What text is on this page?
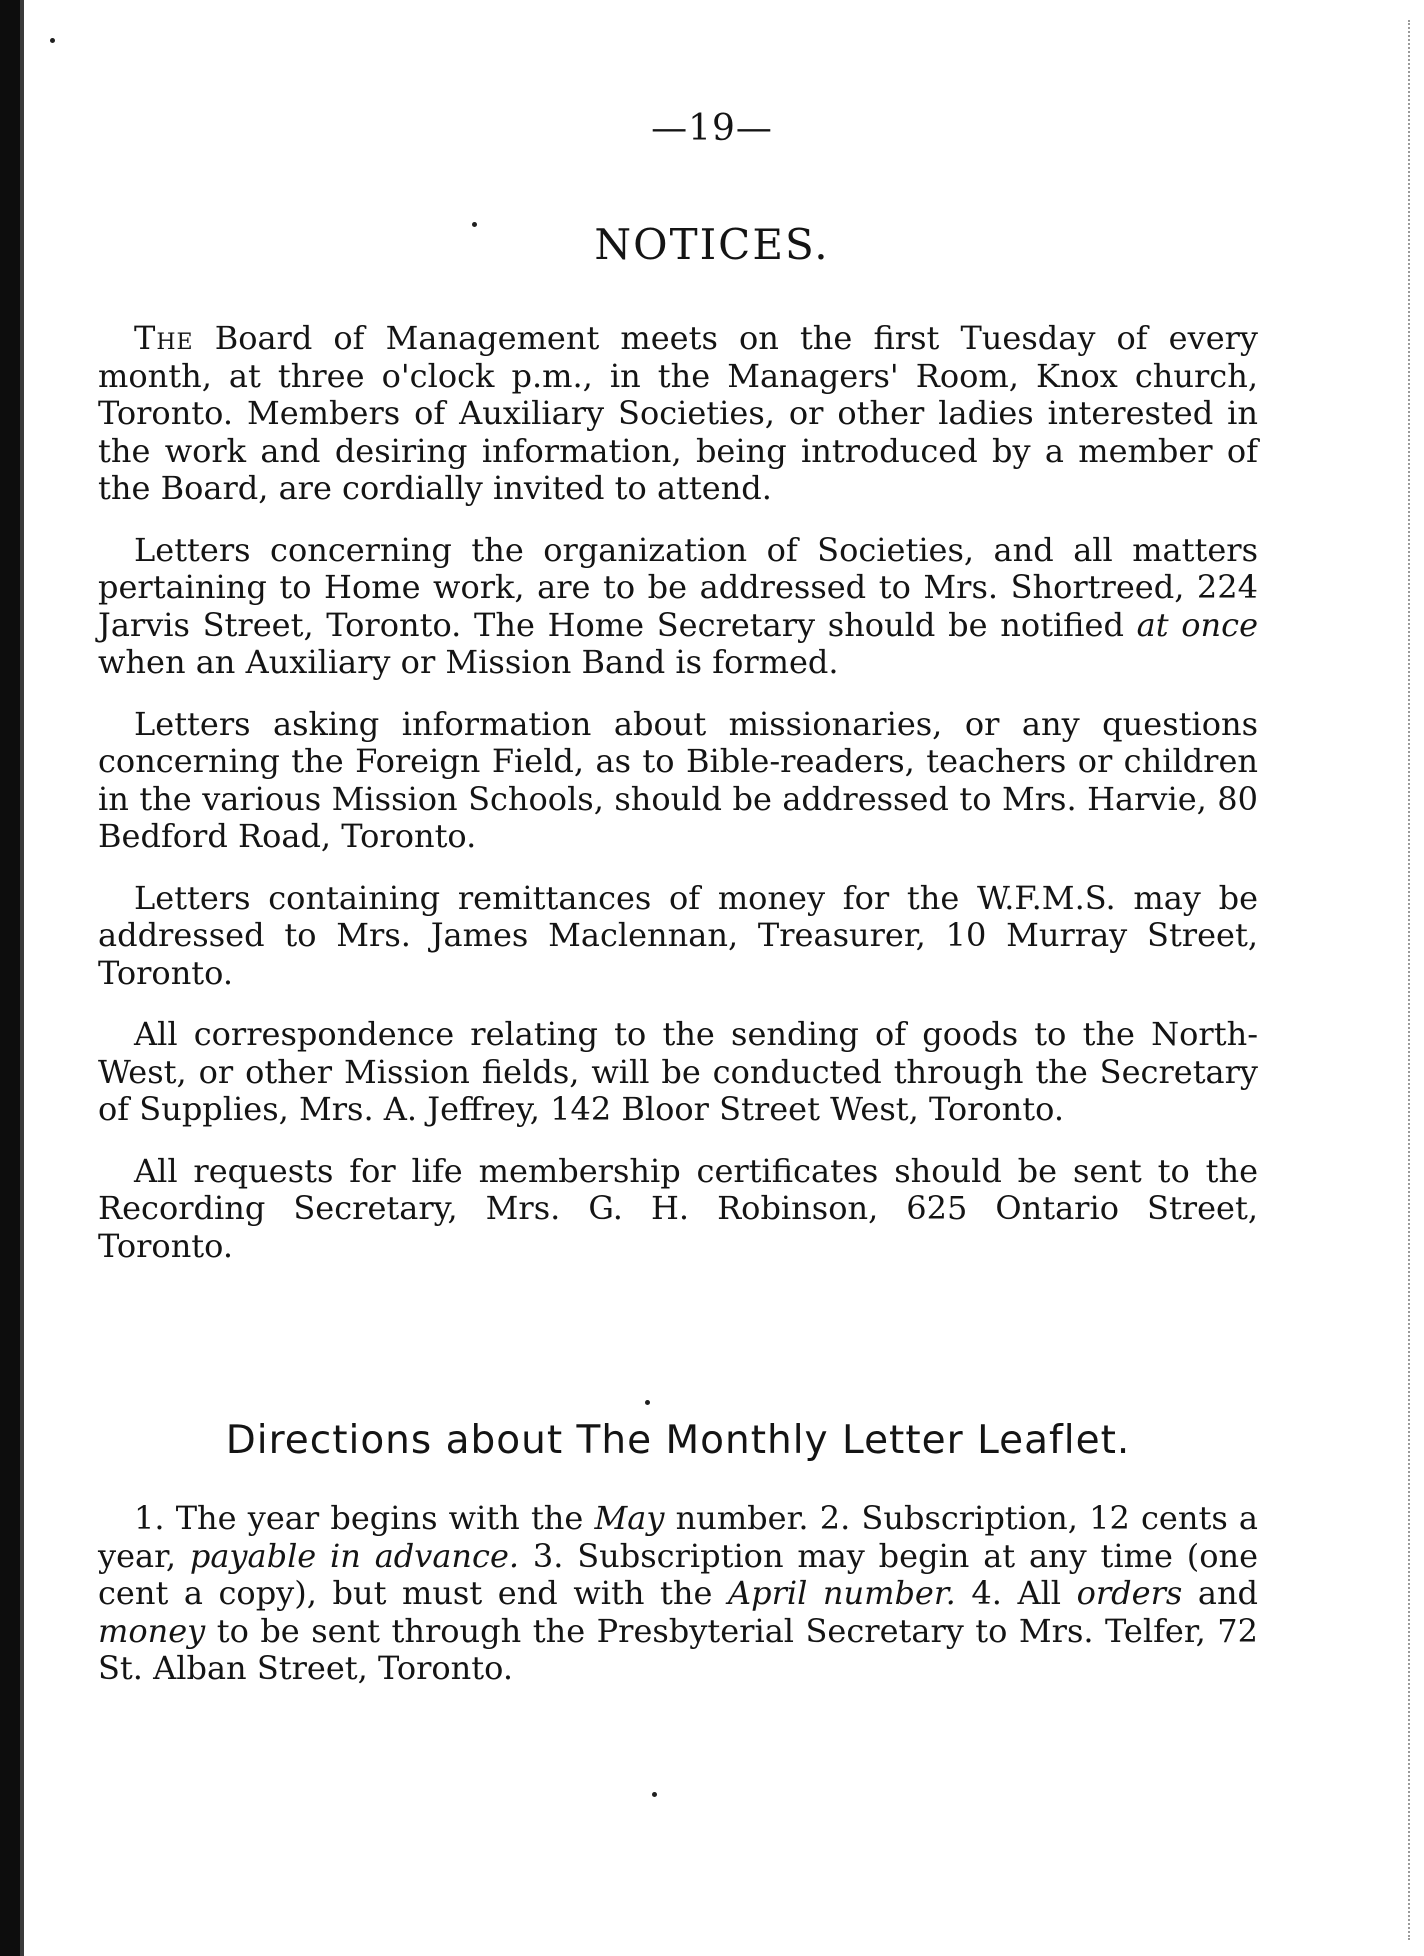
—19—
NOTICES.

The Board of Management meets on the first Tuesday of every month, at three o'clock p.m., in the Managers' Room, Knox church, Toronto. Members of Auxiliary Societies, or other ladies interested in the work and desiring information, being introduced by a member of the Board, are cordially invited to attend.

Letters concerning the organization of Societies, and all matters pertaining to Home work, are to be addressed to Mrs. Shortreed, 224 Jarvis Street, Toronto. The Home Secretary should be notified at once when an Auxiliary or Mission Band is formed.

Letters asking information about missionaries, or any questions concerning the Foreign Field, as to Bible-readers, teachers or children in the various Mission Schools, should be addressed to Mrs. Harvie, 80 Bedford Road, Toronto.

Letters containing remittances of money for the W.F.M.S. may be addressed to Mrs. James Maclennan, Treasurer, 10 Murray Street, Toronto.

All correspondence relating to the sending of goods to the North-West, or other Mission fields, will be conducted through the Secretary of Supplies, Mrs. A. Jeffrey, 142 Bloor Street West, Toronto.

All requests for life membership certificates should be sent to the Recording Secretary, Mrs. G. H. Robinson, 625 Ontario Street, Toronto.

Directions about The Monthly Letter Leaflet.

1. The year begins with the May number. 2. Subscription, 12 cents a year, payable in advance. 3. Subscription may begin at any time (one cent a copy), but must end with the April number. 4. All orders and money to be sent through the Presbyterial Secretary to Mrs. Telfer, 72 St. Alban Street, Toronto.
